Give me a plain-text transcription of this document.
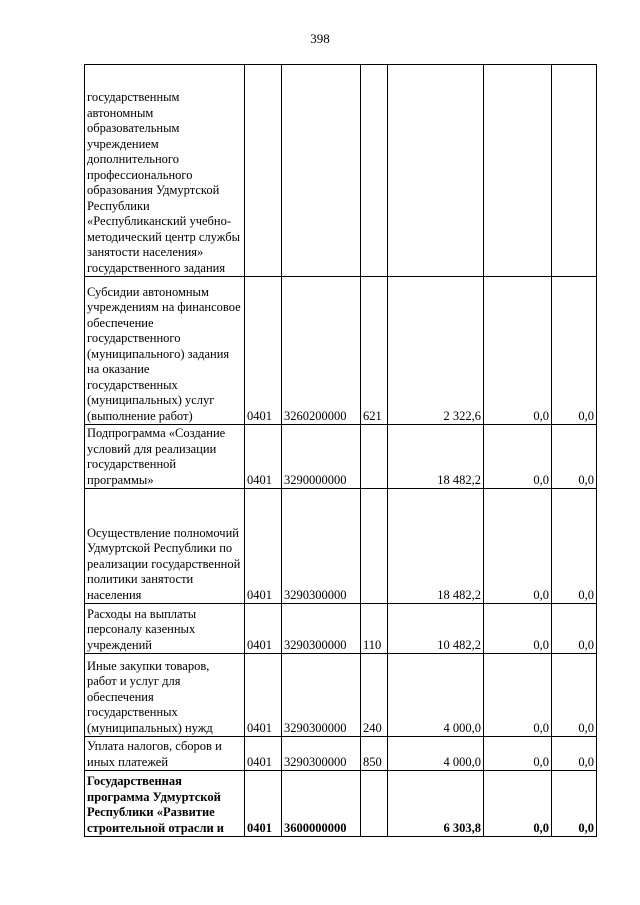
398
государственным автономным образовательным учреждением дополнительного профессионального образования Удмуртской Республики «Республиканский учебно-методический центр службы занятости населения» государственного задания						
Субсидии автономным учреждениям на финансовое обеспечение государственного (муниципального) задания на оказание государственных (муниципальных) услуг (выполнение работ)	0401	3260200000	621	2 322,6	0,0	0,0
Подпрограмма «Создание условий для реализации государственной программы»	0401	3290000000		18 482,2	0,0	0,0
Осуществление полномочий Удмуртской Республики по реализации государственной политики занятости населения	0401	3290300000		18 482,2	0,0	0,0
Расходы на выплаты персоналу казенных учреждений	0401	3290300000	110	10 482,2	0,0	0,0
Иные закупки товаров, работ и услуг для обеспечения государственных (муниципальных) нужд	0401	3290300000	240	4 000,0	0,0	0,0
Уплата налогов, сборов и иных платежей	0401	3290300000	850	4 000,0	0,0	0,0
Государственная программа Удмуртской Республики «Развитие строительной отрасли и	0401	3600000000		6 303,8	0,0	0,0
